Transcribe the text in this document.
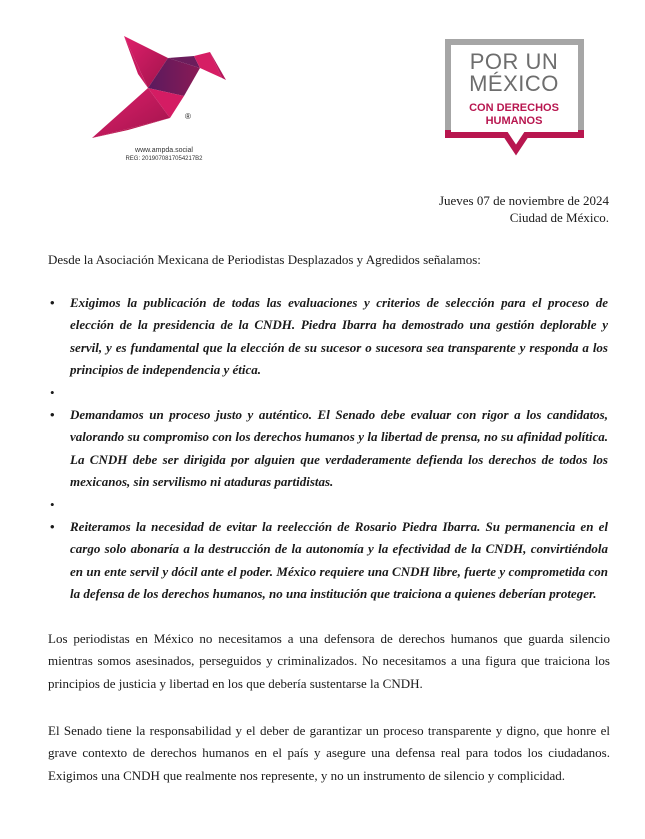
®
www.ampda.social
REG: 2019070817054217B2
POR UN
MÉXICO
CON DERECHOS
HUMANOS
Jueves 07 de noviembre de 2024
Ciudad de México.
Desde la Asociación Mexicana de Periodistas Desplazados y Agredidos señalamos:

• Exigimos la publicación de todas las evaluaciones y criterios de selección para el proceso de elección de la presidencia de la CNDH. Piedra Ibarra ha demostrado una gestión deplorable y servil, y es fundamental que la elección de su sucesor o sucesora sea transparente y responda a los principios de independencia y ética.

•

• Demandamos un proceso justo y auténtico. El Senado debe evaluar con rigor a los candidatos, valorando su compromiso con los derechos humanos y la libertad de prensa, no su afinidad política. La CNDH debe ser dirigida por alguien que verdaderamente defienda los derechos de todos los mexicanos, sin servilismo ni ataduras partidistas.

•

• Reiteramos la necesidad de evitar la reelección de Rosario Piedra Ibarra. Su permanencia en el cargo solo abonaría a la destrucción de la autonomía y la efectividad de la CNDH, convirtiéndola en un ente servil y dócil ante el poder. México requiere una CNDH libre, fuerte y comprometida con la defensa de los derechos humanos, no una institución que traiciona a quienes deberían proteger.

Los periodistas en México no necesitamos a una defensora de derechos humanos que guarda silencio mientras somos asesinados, perseguidos y criminalizados. No necesitamos a una figura que traiciona los principios de justicia y libertad en los que debería sustentarse la CNDH.

El Senado tiene la responsabilidad y el deber de garantizar un proceso transparente y digno, que honre el grave contexto de derechos humanos en el país y asegure una defensa real para todos los ciudadanos. Exigimos una CNDH que realmente nos represente, y no un instrumento de silencio y complicidad.
